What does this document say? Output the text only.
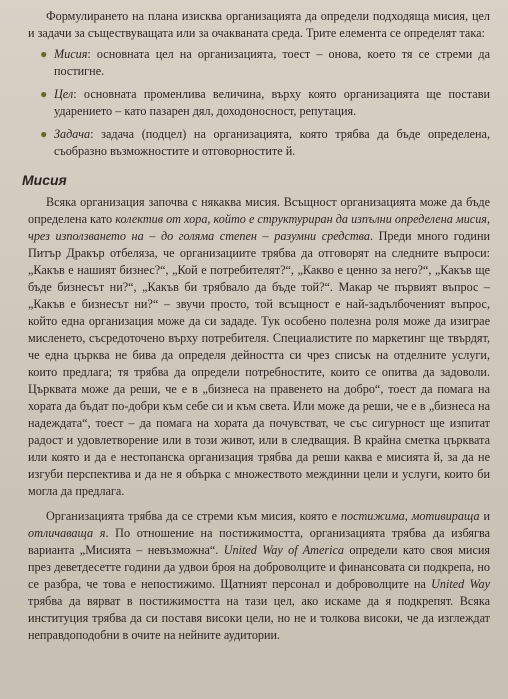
Формулирането на плана изисква организацията да определи подходяща мисия, цел и задачи за съществуващата или за очакваната среда. Трите елемента се определят така:

● Мисия: основната цел на организацията, тоест – онова, което тя се стреми да постигне.
● Цел: основната променлива величина, върху която организацията ще постави ударението – като пазарен дял, доходоносност, репутация.
● Задача: задача (подцел) на организацията, която трябва да бъде определена, съобразно възможностите и отговорностите й.
Мисия

Всяка организация започва с някаква мисия. Всъщност организацията може да бъде определена като колектив от хора, който е структуриран да изпълни определена мисия, чрез използването на – до голяма степен – разумни средства. Преди много години Питър Дракър отбеляза, че организациите трябва да отговорят на следните въпроси: „Какъв е нашият бизнес?“, „Кой е потребителят?“, „Какво е ценно за него?“, „Какъв ще бъде бизнесът ни?“, „Какъв би трябвало да бъде той?“. Макар че първият въпрос – „Какъв е бизнесът ни?“ – звучи просто, той всъщност е най-задълбоченият въпрос, който една организация може да си зададе. Тук особено полезна роля може да изиграе мисленето, съсредоточено върху потребителя. Специалистите по маркетинг ще твърдят, че една църква не бива да определя дейността си чрез списък на отделните услуги, които предлага; тя трябва да определи потребностите, които се опитва да задоволи. Църквата може да реши, че е в „бизнеса на правенето на добро“, тоест да помага на хората да бъдат по-добри към себе си и към света. Или може да реши, че е в „бизнеса на надеждата“, тоест – да помага на хората да почувстват, че със сигурност ще изпитат радост и удовлетворение или в този живот, или в следващия. В крайна сметка църквата или която и да е нестопанска организация трябва да реши каква е мисията й, за да не изгуби перспектива и да не я обърка с множеството междинни цели и услуги, които би могла да предлага.

Организацията трябва да се стреми към мисия, която е постижима, мотивираща и отличаваща я. По отношение на постижимостта, организацията трябва да избягва варианта „Мисията – невъзможна“. United Way of America определи като своя мисия през деветдесетте години да удвои броя на доброволците и финансовата си подкрепа, но се разбра, че това е непостижимо. Щатният персонал и доброволците на United Way трябва да вярват в постижимостта на тази цел, ако искаме да я подкрепят. Всяка институция трябва да си поставя високи цели, но не и толкова високи, че да изглеждат неправдоподобни в очите на нейните аудитории.
